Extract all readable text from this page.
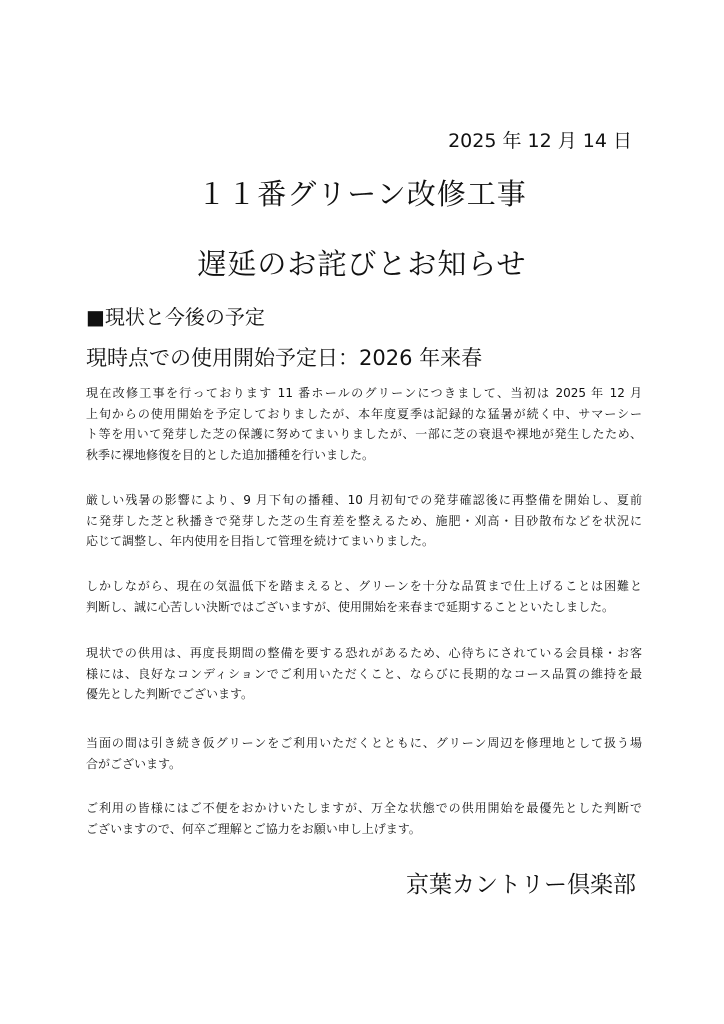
2025 年 12 月 14 日
１１番グリーン改修工事
遅延のお詫びとお知らせ
■現状と今後の予定
現時点での使用開始予定日：2026 年来春

現在改修工事を行っております 11 番ホールのグリーンにつきまして、当初は 2025 年 12 月
上旬からの使用開始を予定しておりましたが、本年度夏季は記録的な猛暑が続く中、サマーシー
ト等を用いて発芽した芝の保護に努めてまいりましたが、一部に芝の衰退や裸地が発生したため、
秋季に裸地修復を目的とした追加播種を行いました。

厳しい残暑の影響により、9 月下旬の播種、10 月初旬での発芽確認後に再整備を開始し、夏前
に発芽した芝と秋播きで発芽した芝の生育差を整えるため、施肥・刈高・目砂散布などを状況に
応じて調整し、年内使用を目指して管理を続けてまいりました。

しかしながら、現在の気温低下を踏まえると、グリーンを十分な品質まで仕上げることは困難と
判断し、誠に心苦しい決断ではございますが、使用開始を来春まで延期することといたしました。

現状での供用は、再度長期間の整備を要する恐れがあるため、心待ちにされている会員様・お客
様には、良好なコンディションでご利用いただくこと、ならびに長期的なコース品質の維持を最
優先とした判断でございます。

当面の間は引き続き仮グリーンをご利用いただくとともに、グリーン周辺を修理地として扱う場
合がございます。

ご利用の皆様にはご不便をおかけいたしますが、万全な状態での供用開始を最優先とした判断で
ございますので、何卒ご理解とご協力をお願い申し上げます。

京葉カントリー倶楽部
